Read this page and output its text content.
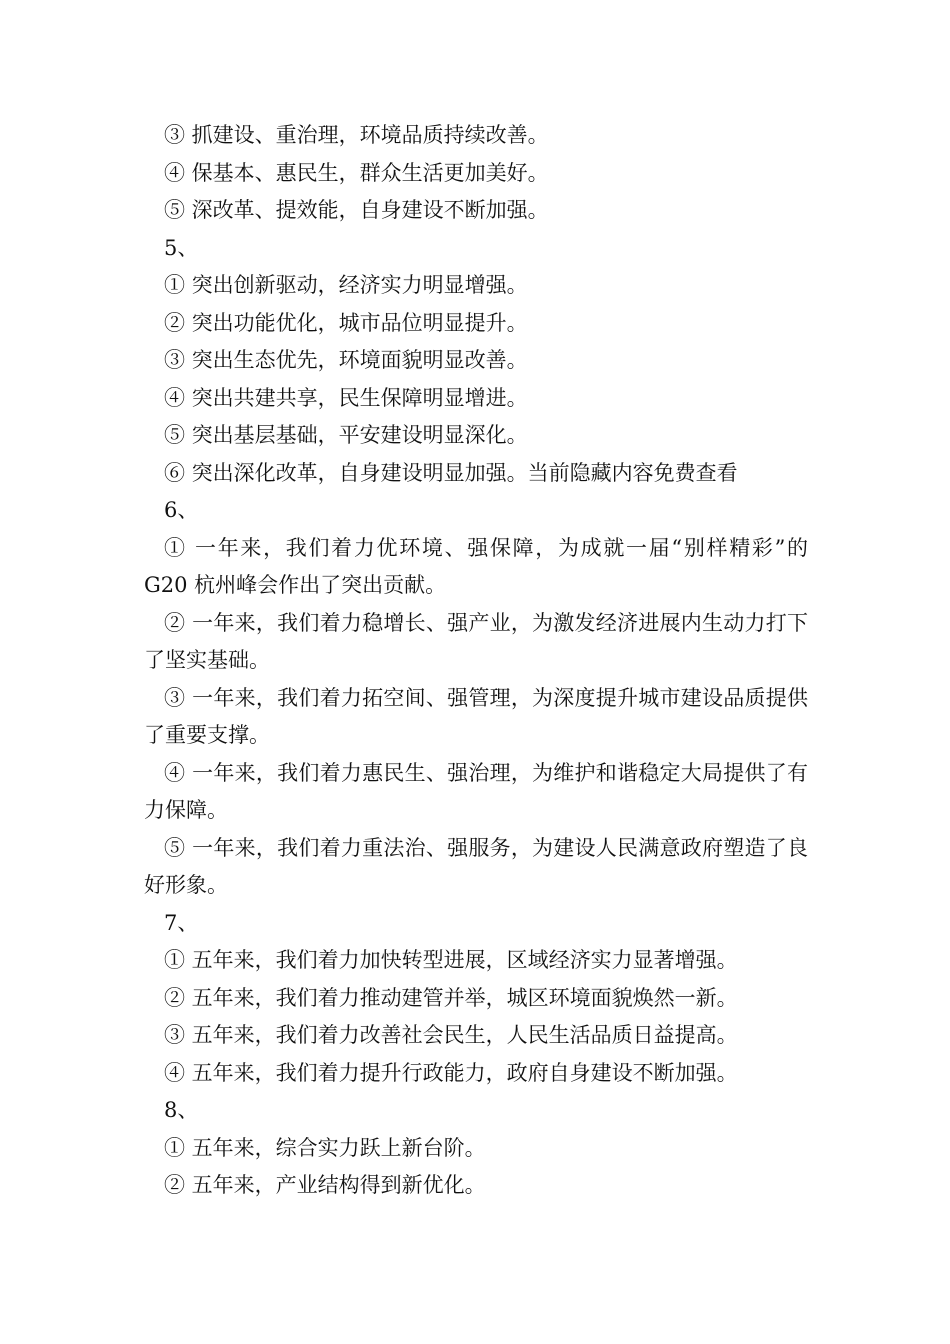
③ 抓建设、重治理，环境品质持续改善。
④ 保基本、惠民生，群众生活更加美好。
⑤ 深改革、提效能，自身建设不断加强。
5、
① 突出创新驱动，经济实力明显增强。
② 突出功能优化，城市品位明显提升。
③ 突出生态优先，环境面貌明显改善。
④ 突出共建共享，民生保障明显增进。
⑤ 突出基层基础，平安建设明显深化。
⑥ 突出深化改革，自身建设明显加强。当前隐藏内容免费查看
6、
① 一年来，我们着力优环境、强保障，为成就一届“别样精彩”的 G20 杭州峰会作出了突出贡献。
② 一年来，我们着力稳增长、强产业，为激发经济进展内生动力打下了坚实基础。
③ 一年来，我们着力拓空间、强管理，为深度提升城市建设品质提供了重要支撑。
④ 一年来，我们着力惠民生、强治理，为维护和谐稳定大局提供了有力保障。
⑤ 一年来，我们着力重法治、强服务，为建设人民满意政府塑造了良好形象。
7、
① 五年来，我们着力加快转型进展，区域经济实力显著增强。
② 五年来，我们着力推动建管并举，城区环境面貌焕然一新。
③ 五年来，我们着力改善社会民生，人民生活品质日益提高。
④ 五年来，我们着力提升行政能力，政府自身建设不断加强。
8、
① 五年来，综合实力跃上新台阶。
② 五年来，产业结构得到新优化。
